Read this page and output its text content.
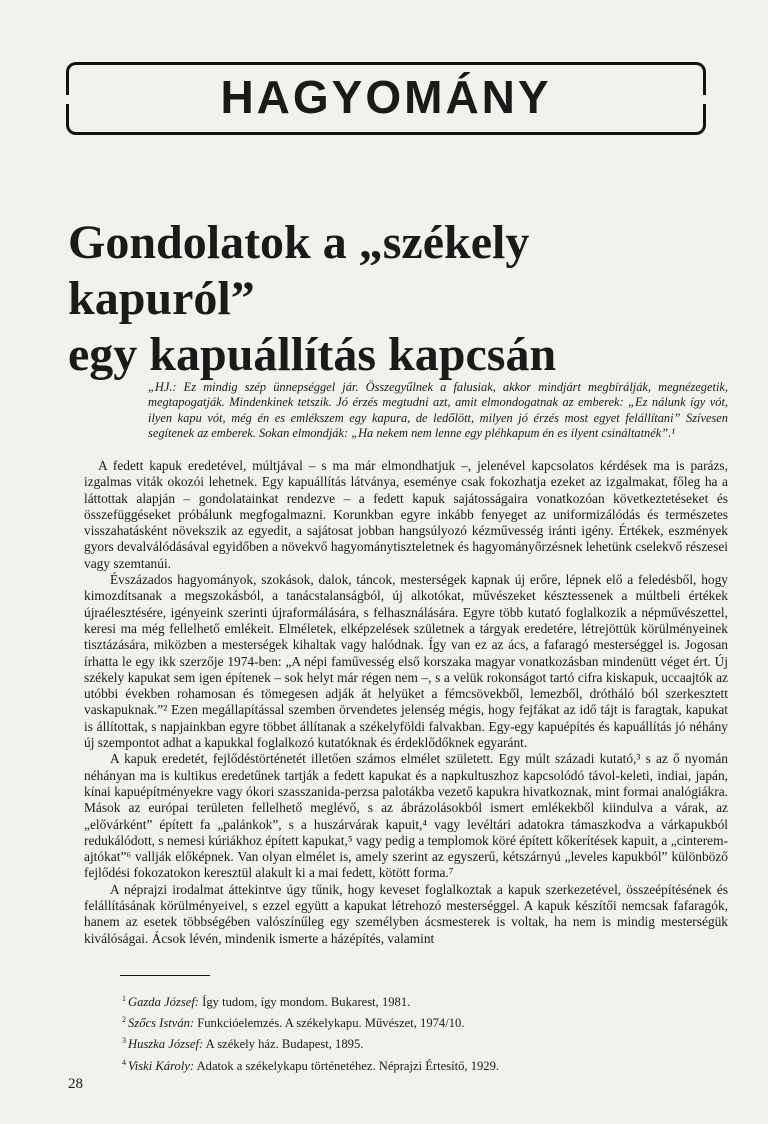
HAGYOMÁNY
Gondolatok a „székely kapuról”
egy kapuállítás kapcsán
„HJ.: Ez mindig szép ünnepséggel jár. Összegyűlnek a falusiak, akkor mindjárt megbírálják, megnézegetik, megtapogatják. Mindenkinek tetszik. Jó érzés megtudni azt, amit elmondogatnak az emberek: „Ez nálunk így vót, ilyen kapu vót, még én es emlékszem egy kapura, de ledőlött, milyen jó érzés most egyet felállítani” Szívesen segítenek az emberek. Sokan elmondják: „Ha nekem nem lenne egy pléhkapum én es ilyent csináltatnék”.¹

A fedett kapuk eredetével, múltjával – s ma már elmondhatjuk –, jelenével kapcsolatos kérdések ma is parázs, izgalmas viták okozói lehetnek. Egy kapuállítás látványa, eseménye csak fokozhatja ezeket az izgalmakat, főleg ha a láttottak alapján – gondolatainkat rendezve – a fedett kapuk sajátosságaira vonatkozóan következtetéseket és összefüggéseket próbálunk megfogalmazni. Korunkban egyre inkább fenyeget az uniformizálódás és természetes visszahatásként növekszik az egyedit, a sajátosat jobban hangsúlyozó kézművesség iránti igény. Értékek, eszmények gyors devalválódásával egyidőben a növekvő hagyománytiszteletnek és hagyományőrzésnek lehetünk cselekvő részesei vagy szemtanúi.

Évszázados hagyományok, szokások, dalok, táncok, mesterségek kapnak új erőre, lépnek elő a feledésből, hogy kimozdítsanak a megszokásból, a tanácstalanságból, új alkotókat, művészeket késztessenek a múltbeli értékek újraélesztésére, igényeink szerinti újraformálására, s felhasználására. Egyre több kutató foglalkozik a népművészettel, keresi ma még fellelhető emlékeit. Elméletek, elképzelések születnek a tárgyak eredetére, létrejöttük körülményeinek tisztázására, miközben a mesterségek kihaltak vagy halódnak. Így van ez az ács, a fafaragó mesterséggel is. Jogosan írhatta le egy ikk szerzője 1974-ben: „A népi faművesség első korszaka magyar vonatkozásban mindenütt véget ért. Új székely kapukat sem igen építenek – sok helyt már régen nem –, s a velük rokonságot tartó cifra kiskapuk, uccaajtók az utóbbi években rohamosan és tömegesen adják át helyüket a fémcsövekből, lemezből, drótháló ból szerkesztett vaskapuknak.”² Ezen megállapítással szemben örvendetes jelenség mégis, hogy fejfákat az idő tájt is faragtak, kapukat is állítottak, s napjainkban egyre többet állítanak a székelyföldi falvakban. Egy-egy kapuépítés és kapuállítás jó néhány új szempontot adhat a kapukkal foglalkozó kutatóknak és érdeklődőknek egyaránt.

A kapuk eredetét, fejlődéstörténetét illetően számos elmélet született. Egy múlt századi kutató,³ s az ő nyomán néhányan ma is kultikus eredetűnek tartják a fedett kapukat és a napkultuszhoz kapcsolódó távol-keleti, indiai, japán, kínai kapuépítményekre vagy ókori szasszanida-perzsa palotákba vezető kapukra hivatkoznak, mint formai analógiákra. Mások az európai területen fellelhető meglévő, s az ábrázolásokból ismert emlékekből kiindulva a várak, az „elővárként” épített fa „palánkok”, s a huszárvárak kapuit,⁴ vagy levéltári adatokra támaszkodva a várkapukból redukálódott, s nemesi kúriákhoz épített kapukat,⁵ vagy pedig a templomok köré épített kőkerítések kapuit, a „cinterem-ajtókat”⁶ vallják előképnek. Van olyan elmélet is, amely szerint az egyszerű, kétszárnyú „leveles kapukból” különböző fejlődési fokozatokon keresztül alakult ki a mai fedett, kötött forma.⁷

A néprajzi irodalmat áttekintve úgy tűnik, hogy keveset foglalkoztak a kapuk szerkezetével, összeépítésének és felállításának körülményeivel, s ezzel együtt a kapukat létrehozó mesterséggel. A kapuk készítői nemcsak fafaragók, hanem az esetek többségében valószínűleg egy személyben ácsmesterek is voltak, ha nem is mindig mesterségük kiválóságai. Ácsok lévén, mindenik ismerte a házépítés, valamint

$^1$ Gazda József: Így tudom, így mondom. Bukarest, 1981.
$^2$ Szőcs István: Funkcióelemzés. A székelykapu. Művészet, 1974/10.
$^3$ Huszka József: A székely ház. Budapest, 1895.
$^4$ Viski Károly: Adatok a székelykapu történetéhez. Néprajzi Értesítő, 1929.
28
